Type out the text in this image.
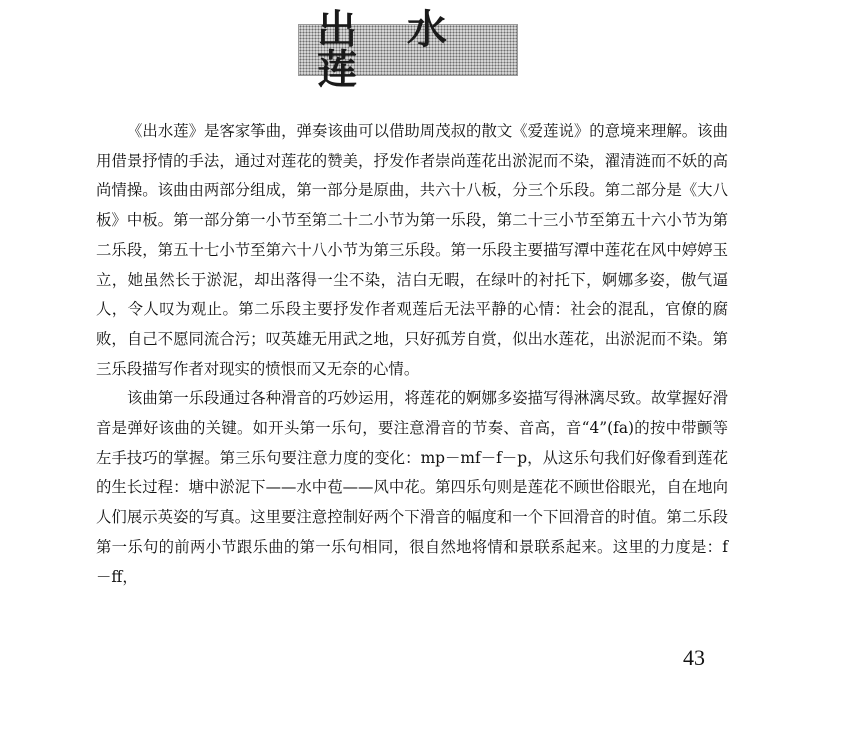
出 水 莲

《出水莲》是客家筝曲，弹奏该曲可以借助周茂叔的散文《爱莲说》的意境来理解。该曲用借景抒情的手法，通过对莲花的赞美，抒发作者崇尚莲花出淤泥而不染，濯清涟而不妖的高尚情操。该曲由两部分组成，第一部分是原曲，共六十八板，分三个乐段。第二部分是《大八板》中板。第一部分第一小节至第二十二小节为第一乐段，第二十三小节至第五十六小节为第二乐段，第五十七小节至第六十八小节为第三乐段。第一乐段主要描写潭中莲花在风中婷婷玉立，她虽然长于淤泥，却出落得一尘不染，洁白无暇，在绿叶的衬托下，婀娜多姿，傲气逼人，令人叹为观止。第二乐段主要抒发作者观莲后无法平静的心情：社会的混乱，官僚的腐败，自己不愿同流合污；叹英雄无用武之地，只好孤芳自赏，似出水莲花，出淤泥而不染。第三乐段描写作者对现实的愤恨而又无奈的心情。

该曲第一乐段通过各种滑音的巧妙运用，将莲花的婀娜多姿描写得淋漓尽致。故掌握好滑音是弹好该曲的关键。如开头第一乐句，要注意滑音的节奏、音高，音“4”(fa)的按中带颤等左手技巧的掌握。第三乐句要注意力度的变化：mp－mf－f－p，从这乐句我们好像看到莲花的生长过程：塘中淤泥下——水中苞——风中花。第四乐句则是莲花不顾世俗眼光，自在地向人们展示英姿的写真。这里要注意控制好两个下滑音的幅度和一个下回滑音的时值。第二乐段第一乐句的前两小节跟乐曲的第一乐句相同，很自然地将情和景联系起来。这里的力度是：f－ff，

43
